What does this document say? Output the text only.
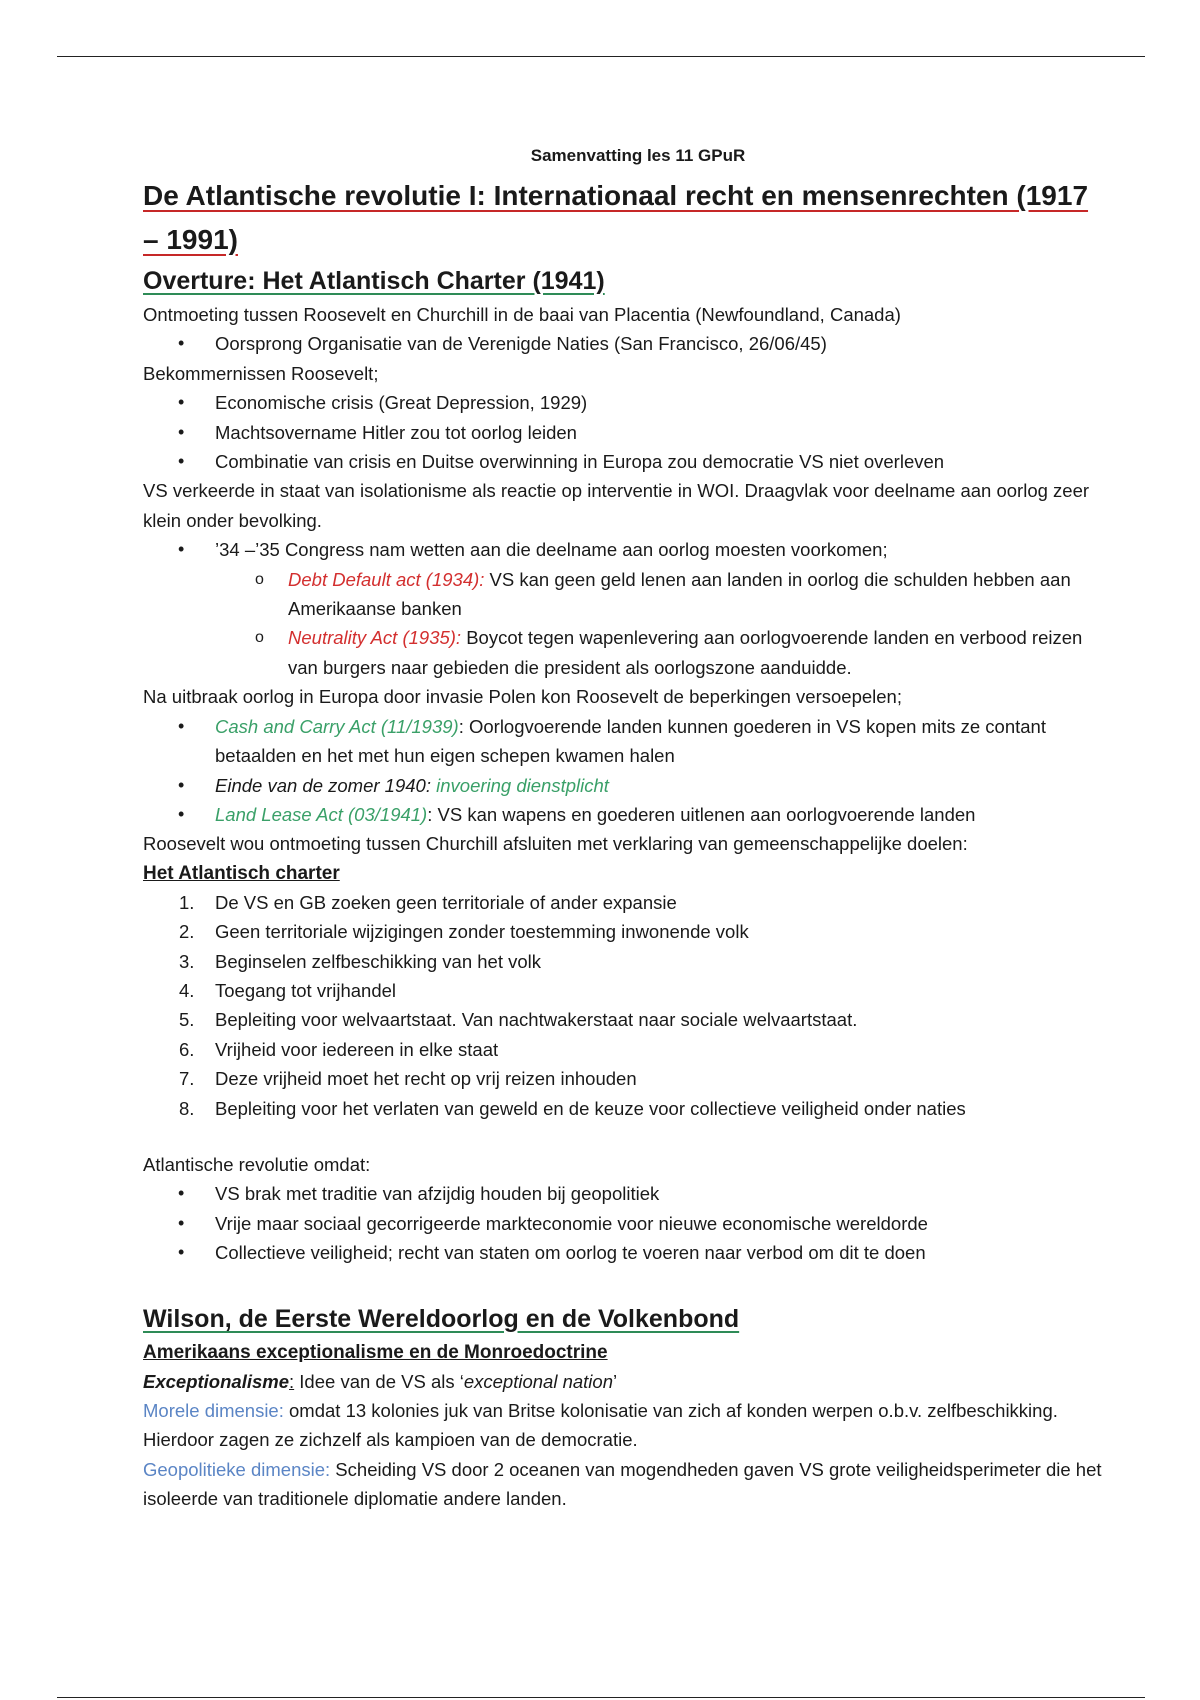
Samenvatting les 11 GPuR
De Atlantische revolutie I: Internationaal recht en mensenrechten (1917 – 1991)
Overture: Het Atlantisch Charter (1941)

Ontmoeting tussen Roosevelt en Churchill in de baai van Placentia (Newfoundland, Canada)

• Oorsprong Organisatie van de Verenigde Naties (San Francisco, 26/06/45)

Bekommernissen Roosevelt;

• Economische crisis (Great Depression, 1929)
• Machtsovername Hitler zou tot oorlog leiden
• Combinatie van crisis en Duitse overwinning in Europa zou democratie VS niet overleven

VS verkeerde in staat van isolationisme als reactie op interventie in WOI. Draagvlak voor deelname aan oorlog zeer klein onder bevolking.

• ’34 –’35 Congress nam wetten aan die deelname aan oorlog moesten voorkomen;
o Debt Default act (1934): VS kan geen geld lenen aan landen in oorlog die schulden hebben aan Amerikaanse banken
o Neutrality Act (1935): Boycot tegen wapenlevering aan oorlogvoerende landen en verbood reizen van burgers naar gebieden die president als oorlogszone aanduidde.

Na uitbraak oorlog in Europa door invasie Polen kon Roosevelt de beperkingen versoepelen;

• Cash and Carry Act (11/1939): Oorlogvoerende landen kunnen goederen in VS kopen mits ze contant betaalden en het met hun eigen schepen kwamen halen
• Einde van de zomer 1940: invoering dienstplicht
• Land Lease Act (03/1941): VS kan wapens en goederen uitlenen aan oorlogvoerende landen

Roosevelt wou ontmoeting tussen Churchill afsluiten met verklaring van gemeenschappelijke doelen:

Het Atlantisch charter
1. De VS en GB zoeken geen territoriale of ander expansie
2. Geen territoriale wijzigingen zonder toestemming inwonende volk
3. Beginselen zelfbeschikking van het volk
4. Toegang tot vrijhandel
5. Bepleiting voor welvaartstaat. Van nachtwakerstaat naar sociale welvaartstaat.
6. Vrijheid voor iedereen in elke staat
7. Deze vrijheid moet het recht op vrij reizen inhouden
8. Bepleiting voor het verlaten van geweld en de keuze voor collectieve veiligheid onder naties

Atlantische revolutie omdat:

• VS brak met traditie van afzijdig houden bij geopolitiek
• Vrije maar sociaal gecorrigeerde markteconomie voor nieuwe economische wereldorde
• Collectieve veiligheid; recht van staten om oorlog te voeren naar verbod om dit te doen
Wilson, de Eerste Wereldoorlog en de Volkenbond
Amerikaans exceptionalisme en de Monroedoctrine

Exceptionalisme: Idee van de VS als ‘exceptional nation’

Morele dimensie: omdat 13 kolonies juk van Britse kolonisatie van zich af konden werpen o.b.v. zelfbeschikking. Hierdoor zagen ze zichzelf als kampioen van de democratie.

Geopolitieke dimensie: Scheiding VS door 2 oceanen van mogendheden gaven VS grote veiligheidsperimeter die het isoleerde van traditionele diplomatie andere landen.
